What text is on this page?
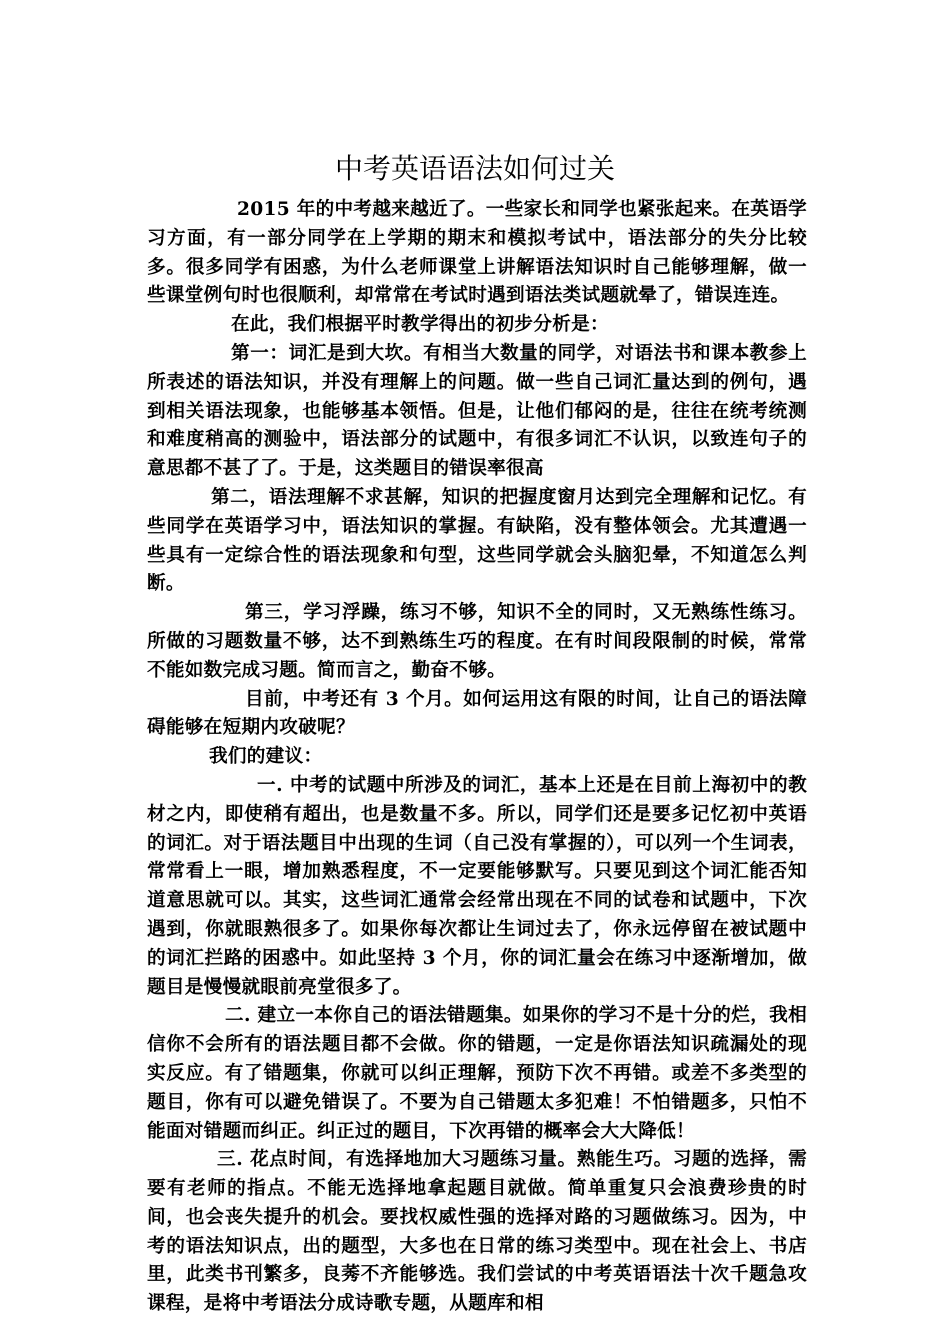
中考英语语法如何过关

2015 年的中考越来越近了。一些家长和同学也紧张起来。在英语学习方面，有一部分同学在上学期的期末和模拟考试中，语法部分的失分比较多。很多同学有困惑，为什么老师课堂上讲解语法知识时自己能够理解，做一些课堂例句时也很顺利，却常常在考试时遇到语法类试题就晕了，错误连连。

在此，我们根据平时教学得出的初步分析是：

第一：词汇是到大坎。有相当大数量的同学，对语法书和课本教参上所表述的语法知识，并没有理解上的问题。做一些自己词汇量达到的例句，遇到相关语法现象，也能够基本领悟。但是，让他们郁闷的是，往往在统考统测和难度稍高的测验中，语法部分的试题中，有很多词汇不认识，以致连句子的意思都不甚了了。于是，这类题目的错误率很高

第二，语法理解不求甚解，知识的把握度窗月达到完全理解和记忆。有些同学在英语学习中，语法知识的掌握。有缺陷，没有整体领会。尤其遭遇一些具有一定综合性的语法现象和句型，这些同学就会头脑犯晕，不知道怎么判断。

第三，学习浮躁，练习不够，知识不全的同时，又无熟练性练习。所做的习题数量不够，达不到熟练生巧的程度。在有时间段限制的时候，常常不能如数完成习题。简而言之，勤奋不够。

目前，中考还有 3 个月。如何运用这有限的时间，让自己的语法障碍能够在短期内攻破呢？

我们的建议：

一. 中考的试题中所涉及的词汇，基本上还是在目前上海初中的教材之内，即使稍有超出，也是数量不多。所以，同学们还是要多记忆初中英语的词汇。对于语法题目中出现的生词（自己没有掌握的），可以列一个生词表，常常看上一眼，增加熟悉程度，不一定要能够默写。只要见到这个词汇能否知道意思就可以。其实，这些词汇通常会经常出现在不同的试卷和试题中，下次遇到，你就眼熟很多了。如果你每次都让生词过去了，你永远停留在被试题中的词汇拦路的困惑中。如此坚持 3 个月，你的词汇量会在练习中逐渐增加，做题目是慢慢就眼前亮堂很多了。

二. 建立一本你自己的语法错题集。如果你的学习不是十分的烂，我相信你不会所有的语法题目都不会做。你的错题，一定是你语法知识疏漏处的现实反应。有了错题集，你就可以纠正理解，预防下次不再错。或差不多类型的题目，你有可以避免错误了。不要为自己错题太多犯难！不怕错题多，只怕不能面对错题而纠正。纠正过的题目，下次再错的概率会大大降低！

三. 花点时间，有选择地加大习题练习量。熟能生巧。习题的选择，需要有老师的指点。不能无选择地拿起题目就做。简单重复只会浪费珍贵的时间，也会丧失提升的机会。要找权威性强的选择对路的习题做练习。因为，中考的语法知识点，出的题型，大多也在日常的练习类型中。现在社会上、书店里，此类书刊繁多，良莠不齐能够选。我们尝试的中考英语语法十次千题急攻课程，是将中考语法分成诗歌专题，从题库和相
